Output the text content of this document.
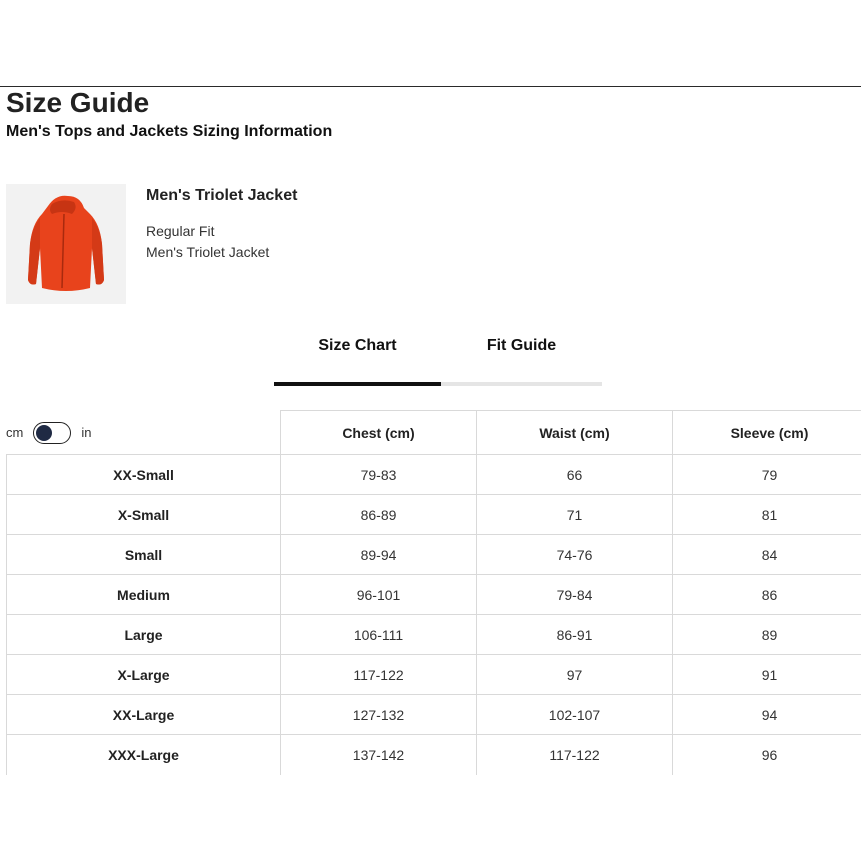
Size Guide
Men's Tops and Jackets Sizing Information
Men's Triolet Jacket
Regular Fit
Men's Triolet Jacket
Size Chart	Fit Guide
	Chest (cm)	Waist (cm)	Sleeve (cm)
XX-Small	79-83	66	79
X-Small	86-89	71	81
Small	89-94	74-76	84
Medium	96-101	79-84	86
Large	106-111	86-91	89
X-Large	117-122	97	91
XX-Large	127-132	102-107	94
XXX-Large	137-142	117-122	96
cm	in
